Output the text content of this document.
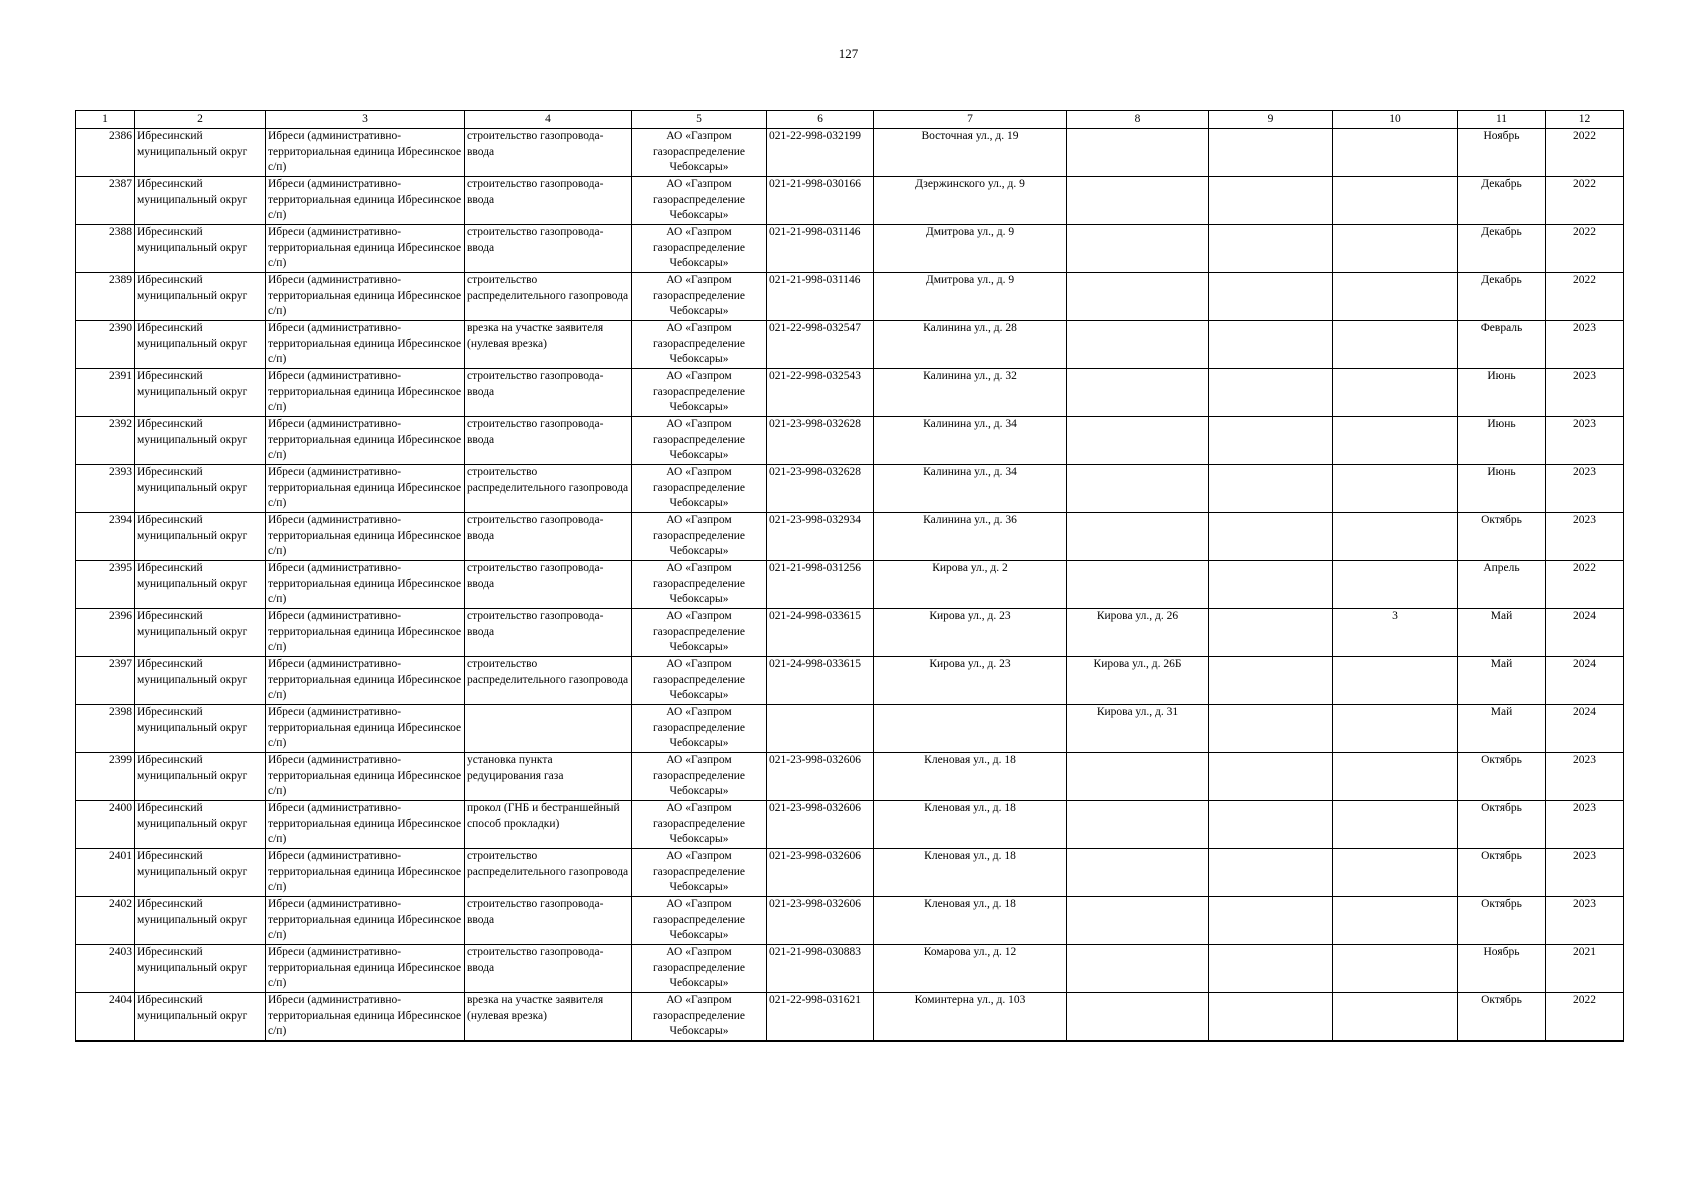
127
1	2	3	4	5	6	7	8	9	10	11	12
2386	Ибресинский муниципальный округ	Ибреси (административно-территориальная единица Ибресинское с/п)	строительство газопровода-ввода	АО «Газпром газораспределение Чебоксары»	021-22-998-032199	Восточная ул., д. 19				Ноябрь	2022
2387	Ибресинский муниципальный округ	Ибреси (административно-территориальная единица Ибресинское с/п)	строительство газопровода-ввода	АО «Газпром газораспределение Чебоксары»	021-21-998-030166	Дзержинского ул., д. 9				Декабрь	2022
2388	Ибресинский муниципальный округ	Ибреси (административно-территориальная единица Ибресинское с/п)	строительство газопровода-ввода	АО «Газпром газораспределение Чебоксары»	021-21-998-031146	Дмитрова ул., д. 9				Декабрь	2022
2389	Ибресинский муниципальный округ	Ибреси (административно-территориальная единица Ибресинское с/п)	строительство распределительного газопровода	АО «Газпром газораспределение Чебоксары»	021-21-998-031146	Дмитрова ул., д. 9				Декабрь	2022
2390	Ибресинский муниципальный округ	Ибреси (административно-территориальная единица Ибресинское с/п)	врезка на участке заявителя (нулевая врезка)	АО «Газпром газораспределение Чебоксары»	021-22-998-032547	Калинина ул., д. 28				Февраль	2023
2391	Ибресинский муниципальный округ	Ибреси (административно-территориальная единица Ибресинское с/п)	строительство газопровода-ввода	АО «Газпром газораспределение Чебоксары»	021-22-998-032543	Калинина ул., д. 32				Июнь	2023
2392	Ибресинский муниципальный округ	Ибреси (административно-территориальная единица Ибресинское с/п)	строительство газопровода-ввода	АО «Газпром газораспределение Чебоксары»	021-23-998-032628	Калинина ул., д. 34				Июнь	2023
2393	Ибресинский муниципальный округ	Ибреси (административно-территориальная единица Ибресинское с/п)	строительство распределительного газопровода	АО «Газпром газораспределение Чебоксары»	021-23-998-032628	Калинина ул., д. 34				Июнь	2023
2394	Ибресинский муниципальный округ	Ибреси (административно-территориальная единица Ибресинское с/п)	строительство газопровода-ввода	АО «Газпром газораспределение Чебоксары»	021-23-998-032934	Калинина ул., д. 36				Октябрь	2023
2395	Ибресинский муниципальный округ	Ибреси (административно-территориальная единица Ибресинское с/п)	строительство газопровода-ввода	АО «Газпром газораспределение Чебоксары»	021-21-998-031256	Кирова ул., д. 2				Апрель	2022
2396	Ибресинский муниципальный округ	Ибреси (административно-территориальная единица Ибресинское с/п)	строительство газопровода-ввода	АО «Газпром газораспределение Чебоксары»	021-24-998-033615	Кирова ул., д. 23	Кирова ул., д. 26		3	Май	2024
2397	Ибресинский муниципальный округ	Ибреси (административно-территориальная единица Ибресинское с/п)	строительство распределительного газопровода	АО «Газпром газораспределение Чебоксары»	021-24-998-033615	Кирова ул., д. 23	Кирова ул., д. 26Б			Май	2024
2398	Ибресинский муниципальный округ	Ибреси (административно-территориальная единица Ибресинское с/п)		АО «Газпром газораспределение Чебоксары»			Кирова ул., д. 31			Май	2024
2399	Ибресинский муниципальный округ	Ибреси (административно-территориальная единица Ибресинское с/п)	установка пункта редуцирования газа	АО «Газпром газораспределение Чебоксары»	021-23-998-032606	Кленовая ул., д. 18				Октябрь	2023
2400	Ибресинский муниципальный округ	Ибреси (административно-территориальная единица Ибресинское с/п)	прокол (ГНБ и бестраншейный способ прокладки)	АО «Газпром газораспределение Чебоксары»	021-23-998-032606	Кленовая ул., д. 18				Октябрь	2023
2401	Ибресинский муниципальный округ	Ибреси (административно-территориальная единица Ибресинское с/п)	строительство распределительного газопровода	АО «Газпром газораспределение Чебоксары»	021-23-998-032606	Кленовая ул., д. 18				Октябрь	2023
2402	Ибресинский муниципальный округ	Ибреси (административно-территориальная единица Ибресинское с/п)	строительство газопровода-ввода	АО «Газпром газораспределение Чебоксары»	021-23-998-032606	Кленовая ул., д. 18				Октябрь	2023
2403	Ибресинский муниципальный округ	Ибреси (административно-территориальная единица Ибресинское с/п)	строительство газопровода-ввода	АО «Газпром газораспределение Чебоксары»	021-21-998-030883	Комарова ул., д. 12				Ноябрь	2021
2404	Ибресинский муниципальный округ	Ибреси (административно-территориальная единица Ибресинское с/п)	врезка на участке заявителя (нулевая врезка)	АО «Газпром газораспределение Чебоксары»	021-22-998-031621	Коминтерна ул., д. 103				Октябрь	2022
